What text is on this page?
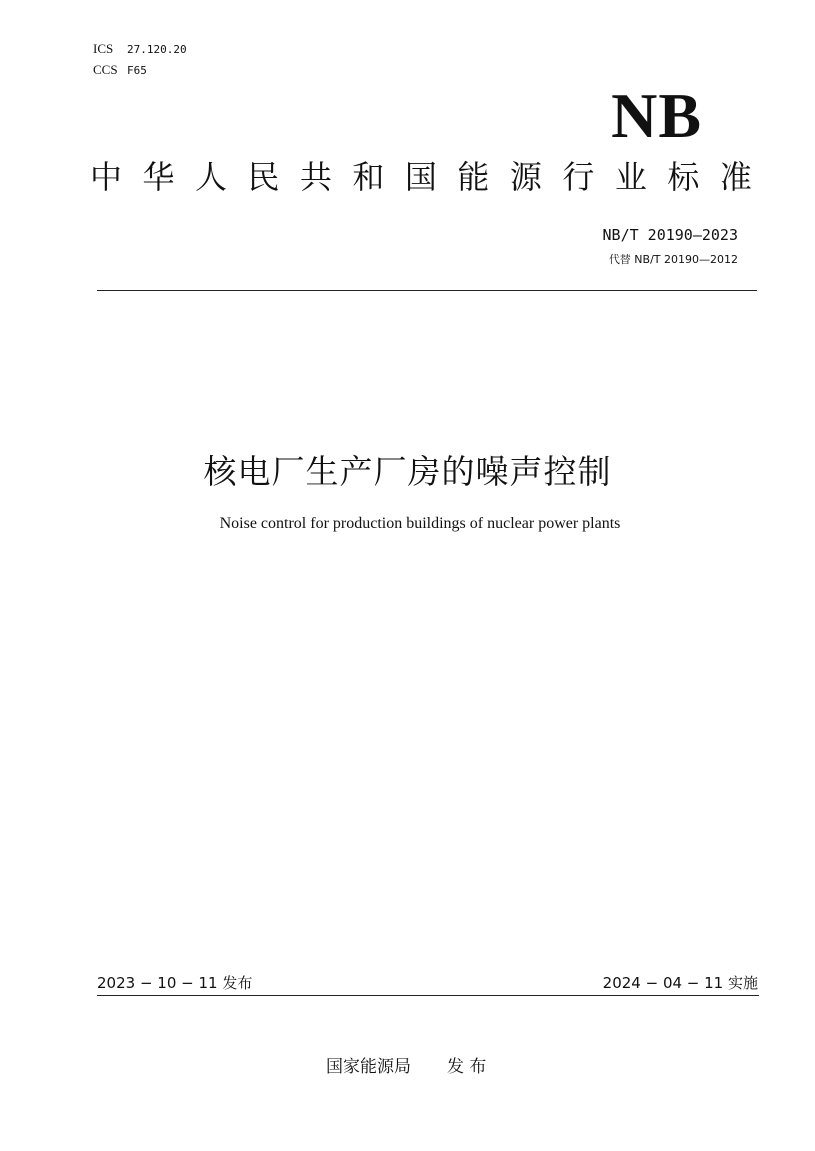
ICS 27.120.20
CCS F65
NB
中 华 人 民 共 和 国 能 源 行 业 标 准
NB/T 20190—2023
代替 NB/T 20190—2012
核电厂生产厂房的噪声控制
Noise control for production buildings of nuclear power plants
2023 − 10 − 11 发布	2024 − 04 − 11 实施
国家能源局 发 布
